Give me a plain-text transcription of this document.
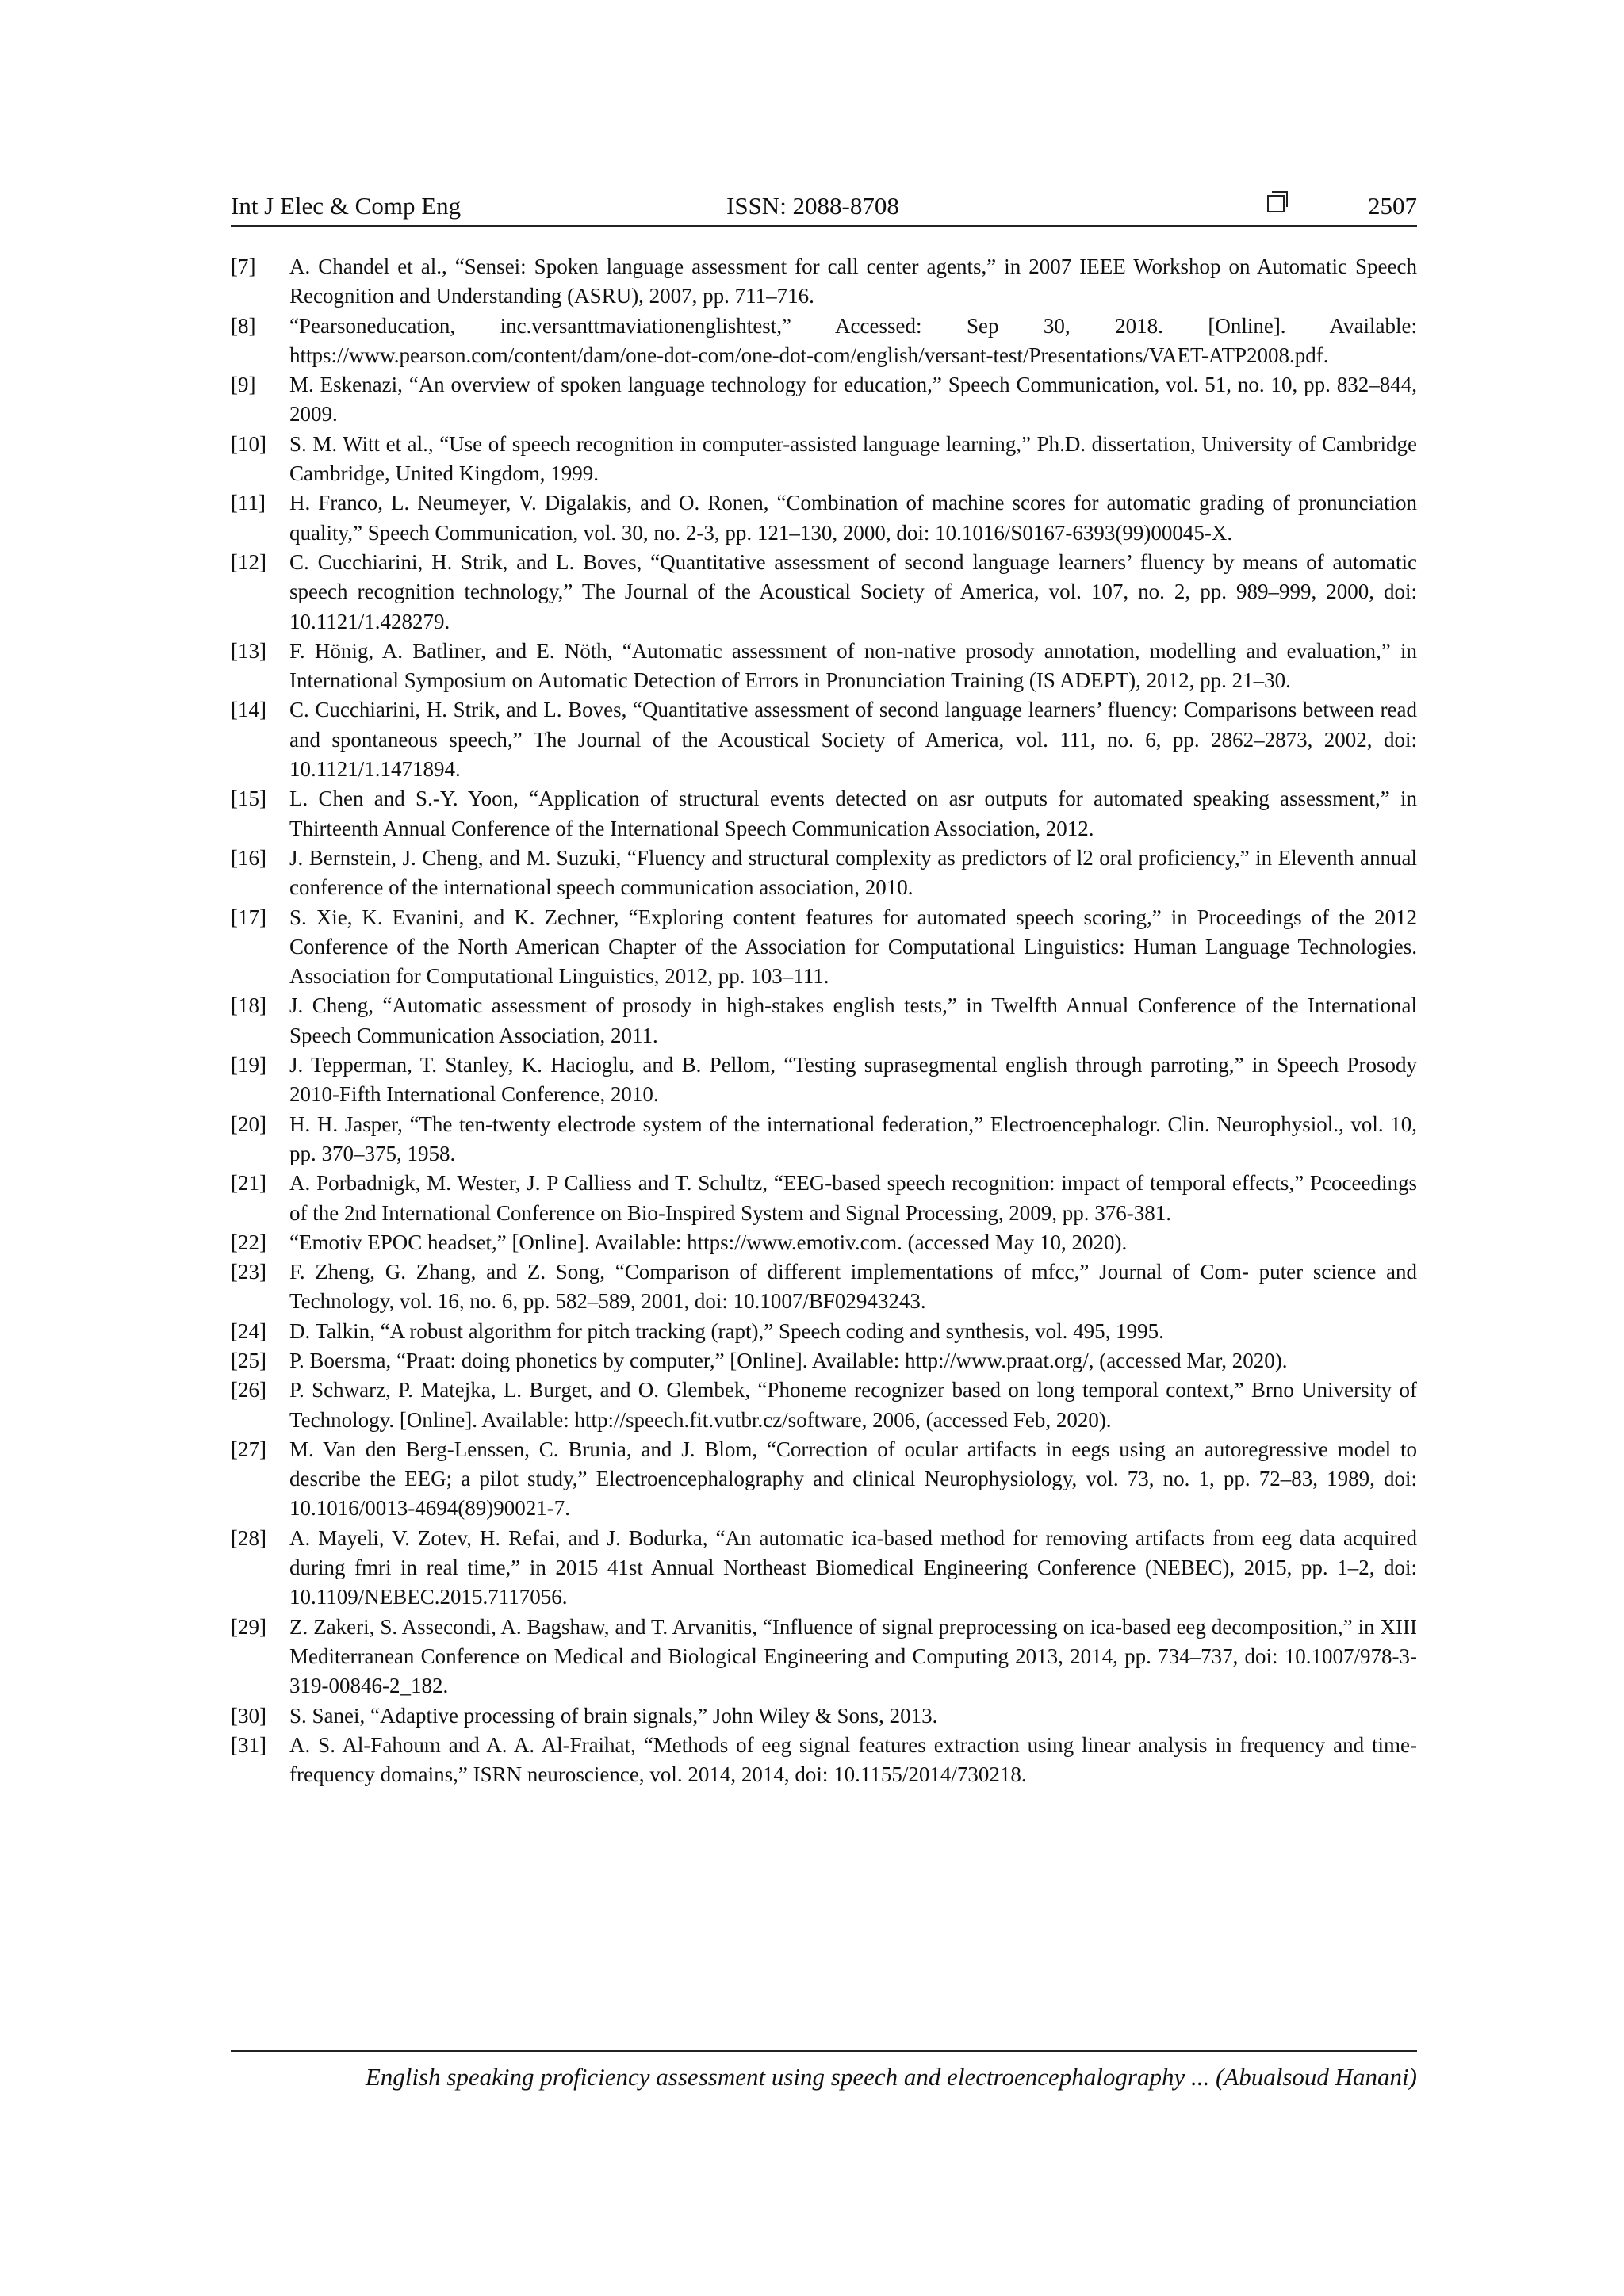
Int J Elec & Comp Eng	ISSN: 2088-8708	2507
[7] A. Chandel et al., “Sensei: Spoken language assessment for call center agents,” in 2007 IEEE Workshop on Automatic Speech Recognition and Understanding (ASRU), 2007, pp. 711–716.
[8] “Pearsoneducation, inc.versanttmaviationenglishtest,” Accessed: Sep 30, 2018. [Online]. Available: https://www.pearson.com/content/dam/one-dot-com/one-dot-com/english/versant-test/Presentations/VAET-ATP2008.pdf.
[9] M. Eskenazi, “An overview of spoken language technology for education,” Speech Communication, vol. 51, no. 10, pp. 832–844, 2009.
[10] S. M. Witt et al., “Use of speech recognition in computer-assisted language learning,” Ph.D. dissertation, University of Cambridge Cambridge, United Kingdom, 1999.
[11] H. Franco, L. Neumeyer, V. Digalakis, and O. Ronen, “Combination of machine scores for automatic grading of pronunciation quality,” Speech Communication, vol. 30, no. 2-3, pp. 121–130, 2000, doi: 10.1016/S0167-6393(99)00045-X.
[12] C. Cucchiarini, H. Strik, and L. Boves, “Quantitative assessment of second language learners’ fluency by means of automatic speech recognition technology,” The Journal of the Acoustical Society of America, vol. 107, no. 2, pp. 989–999, 2000, doi: 10.1121/1.428279.
[13] F. Hönig, A. Batliner, and E. Nöth, “Automatic assessment of non-native prosody annotation, modelling and evaluation,” in International Symposium on Automatic Detection of Errors in Pronunciation Training (IS ADEPT), 2012, pp. 21–30.
[14] C. Cucchiarini, H. Strik, and L. Boves, “Quantitative assessment of second language learners’ fluency: Comparisons between read and spontaneous speech,” The Journal of the Acoustical Society of America, vol. 111, no. 6, pp. 2862–2873, 2002, doi: 10.1121/1.1471894.
[15] L. Chen and S.-Y. Yoon, “Application of structural events detected on asr outputs for automated speaking assessment,” in Thirteenth Annual Conference of the International Speech Communication Association, 2012.
[16] J. Bernstein, J. Cheng, and M. Suzuki, “Fluency and structural complexity as predictors of l2 oral proficiency,” in Eleventh annual conference of the international speech communication association, 2010.
[17] S. Xie, K. Evanini, and K. Zechner, “Exploring content features for automated speech scoring,” in Proceedings of the 2012 Conference of the North American Chapter of the Association for Computational Linguistics: Human Language Technologies. Association for Computational Linguistics, 2012, pp. 103–111.
[18] J. Cheng, “Automatic assessment of prosody in high-stakes english tests,” in Twelfth Annual Conference of the International Speech Communication Association, 2011.
[19] J. Tepperman, T. Stanley, K. Hacioglu, and B. Pellom, “Testing suprasegmental english through parroting,” in Speech Prosody 2010-Fifth International Conference, 2010.
[20] H. H. Jasper, “The ten-twenty electrode system of the international federation,” Electroencephalogr. Clin. Neurophysiol., vol. 10, pp. 370–375, 1958.
[21] A. Porbadnigk, M. Wester, J. P Calliess and T. Schultz, “EEG-based speech recognition: impact of temporal effects,” Pcoceedings of the 2nd International Conference on Bio-Inspired System and Signal Processing, 2009, pp. 376-381.
[22] “Emotiv EPOC headset,” [Online]. Available: https://www.emotiv.com. (accessed May 10, 2020).
[23] F. Zheng, G. Zhang, and Z. Song, “Comparison of different implementations of mfcc,” Journal of Com- puter science and Technology, vol. 16, no. 6, pp. 582–589, 2001, doi: 10.1007/BF02943243.
[24] D. Talkin, “A robust algorithm for pitch tracking (rapt),” Speech coding and synthesis, vol. 495, 1995.
[25] P. Boersma, “Praat: doing phonetics by computer,” [Online]. Available: http://www.praat.org/, (accessed Mar, 2020).
[26] P. Schwarz, P. Matejka, L. Burget, and O. Glembek, “Phoneme recognizer based on long temporal context,” Brno University of Technology. [Online]. Available: http://speech.fit.vutbr.cz/software, 2006, (accessed Feb, 2020).
[27] M. Van den Berg-Lenssen, C. Brunia, and J. Blom, “Correction of ocular artifacts in eegs using an autoregressive model to describe the EEG; a pilot study,” Electroencephalography and clinical Neurophysiology, vol. 73, no. 1, pp. 72–83, 1989, doi: 10.1016/0013-4694(89)90021-7.
[28] A. Mayeli, V. Zotev, H. Refai, and J. Bodurka, “An automatic ica-based method for removing artifacts from eeg data acquired during fmri in real time,” in 2015 41st Annual Northeast Biomedical Engineering Conference (NEBEC), 2015, pp. 1–2, doi: 10.1109/NEBEC.2015.7117056.
[29] Z. Zakeri, S. Assecondi, A. Bagshaw, and T. Arvanitis, “Influence of signal preprocessing on ica-based eeg decomposition,” in XIII Mediterranean Conference on Medical and Biological Engineering and Computing 2013, 2014, pp. 734–737, doi: 10.1007/978-3-319-00846-2_182.
[30] S. Sanei, “Adaptive processing of brain signals,” John Wiley & Sons, 2013.
[31] A. S. Al-Fahoum and A. A. Al-Fraihat, “Methods of eeg signal features extraction using linear analysis in frequency and time-frequency domains,” ISRN neuroscience, vol. 2014, 2014, doi: 10.1155/2014/730218.
English speaking proficiency assessment using speech and electroencephalography ... (Abualsoud Hanani)
